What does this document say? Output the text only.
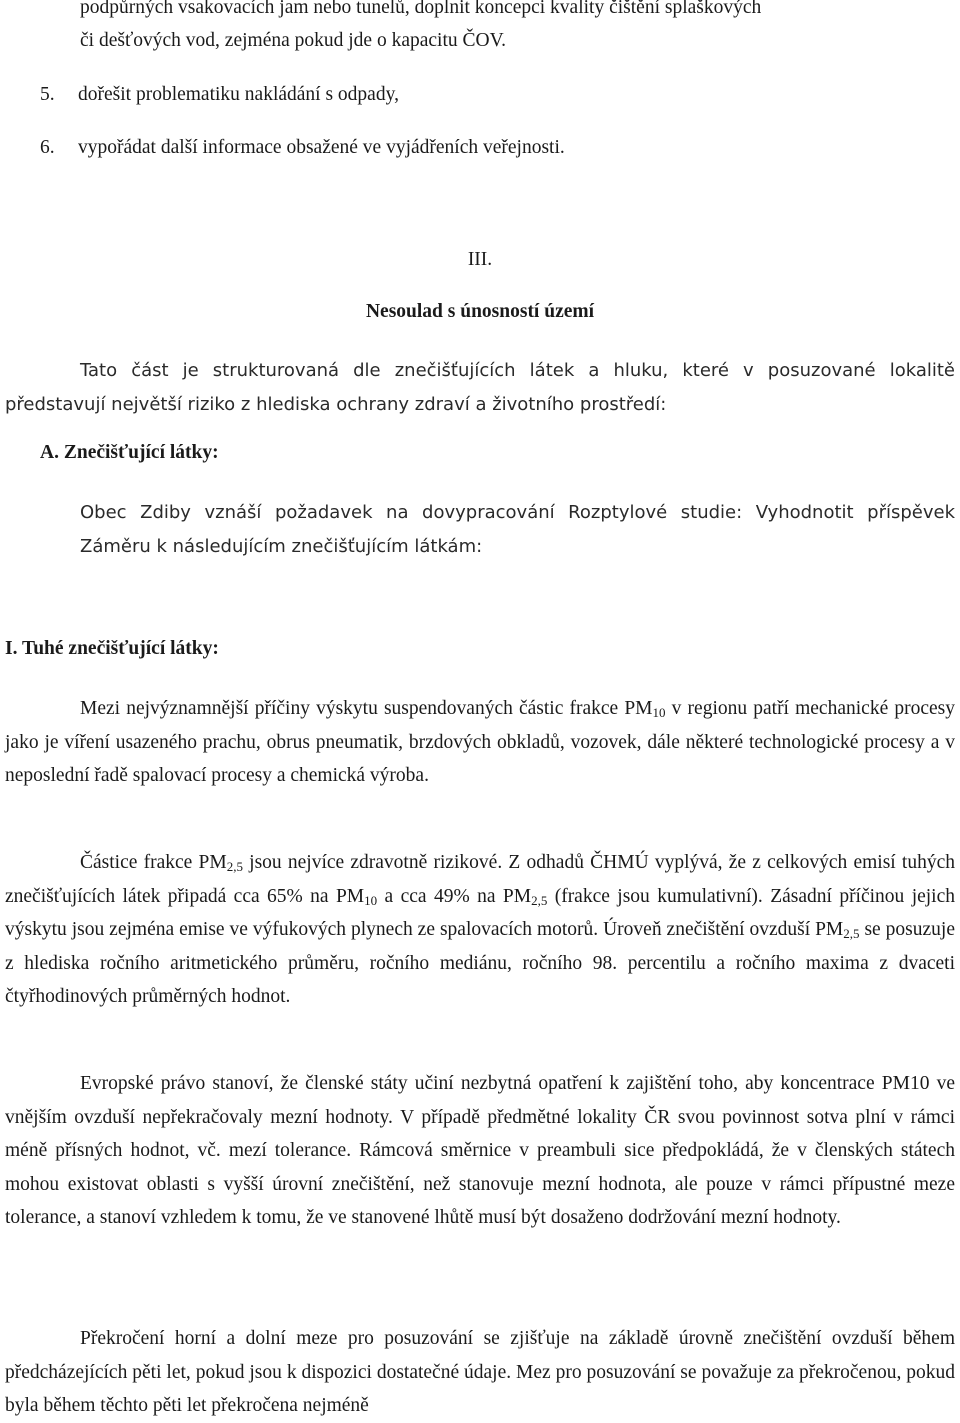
podpůrných vsakovacích jam nebo tunelů, doplnit koncepci kvality čištění splaškových

či dešťových vod, zejména pokud jde o kapacitu ČOV.

5. dořešit problematiku nakládání s odpady,

6. vypořádat další informace obsažené ve vyjádřeních veřejnosti.

III.

Nesoulad s únosností území

Tato část je strukturovaná dle znečišťujících látek a hluku, které v posuzované lokalitě představují největší riziko z hlediska ochrany zdraví a životního prostředí:

A. Znečišťující látky:

Obec Zdiby vznáší požadavek na dovypracování Rozptylové studie: Vyhodnotit příspěvek Záměru k následujícím znečišťujícím látkám:

I. Tuhé znečišťující látky:

Mezi nejvýznamnější příčiny výskytu suspendovaných částic frakce $PM_{10}$ v regionu patří mechanické procesy jako je víření usazeného prachu, obrus pneumatik, brzdových obkladů, vozovek, dále některé technologické procesy a v neposlední řadě spalovací procesy a chemická výroba.

Částice frakce $PM_{2,5}$ jsou nejvíce zdravotně rizikové. Z odhadů ČHMÚ vyplývá, že z celkových emisí tuhých znečišťujících látek připadá cca 65% na $PM_{10}$ a cca 49% na $PM_{2,5}$ (frakce jsou kumulativní). Zásadní příčinou jejich výskytu jsou zejména emise ve výfukových plynech ze spalovacích motorů. Úroveň znečištění ovzduší $PM_{2,5}$ se posuzuje z hlediska ročního aritmetického průměru, ročního mediánu, ročního 98. percentilu a ročního maxima z dvaceti čtyřhodinových průměrných hodnot.

Evropské právo stanoví, že členské státy učiní nezbytná opatření k zajištění toho, aby koncentrace PM10 ve vnějším ovzduší nepřekračovaly mezní hodnoty. V případě předmětné lokality ČR svou povinnost sotva plní v rámci méně přísných hodnot, vč. mezí tolerance. Rámcová směrnice v preambuli sice předpokládá, že v členských státech mohou existovat oblasti s vyšší úrovní znečištění, než stanovuje mezní hodnota, ale pouze v rámci přípustné meze tolerance, a stanoví vzhledem k tomu, že ve stanovené lhůtě musí být dosaženo dodržování mezní hodnoty.

Překročení horní a dolní meze pro posuzování se zjišťuje na základě úrovně znečištění ovzduší během předcházejících pěti let, pokud jsou k dispozici dostatečné údaje. Mez pro posuzování se považuje za překročenou, pokud byla během těchto pěti let překročena nejméně
